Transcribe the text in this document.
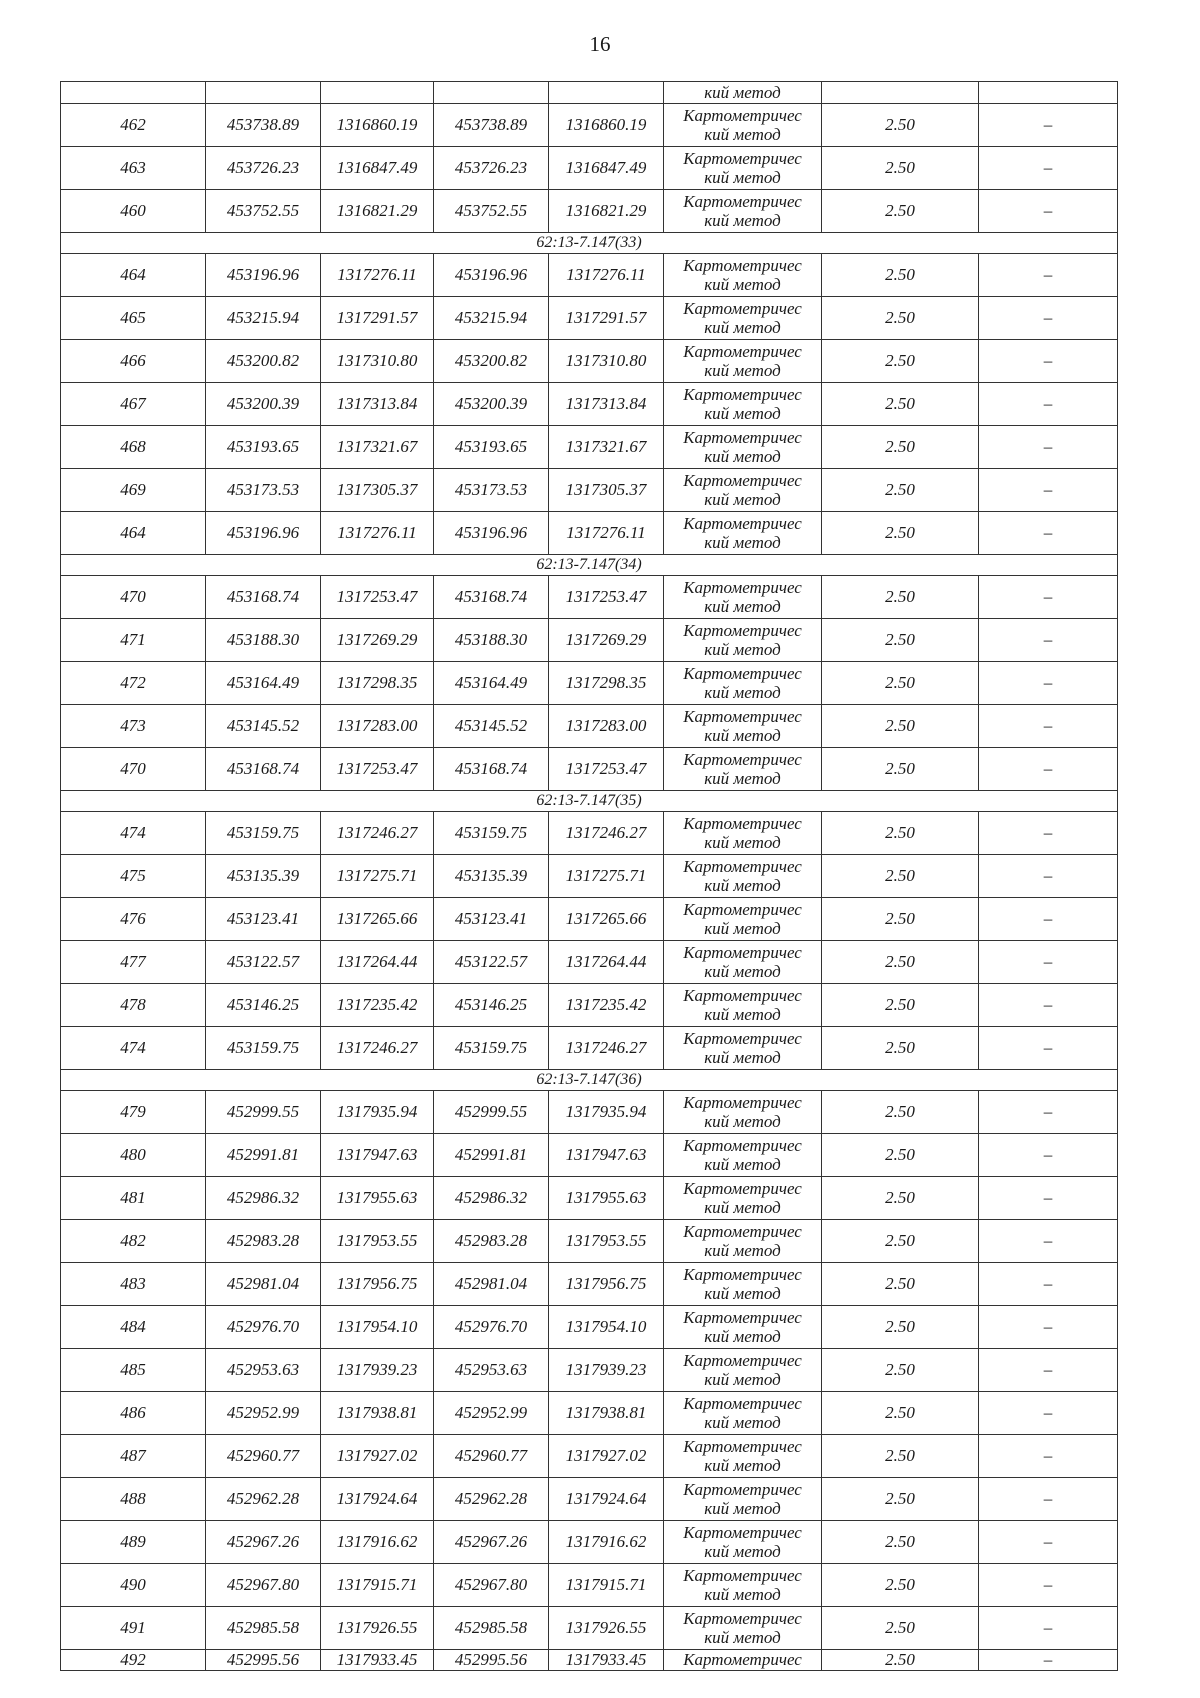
16
					кий метод		
462	453738.89	1316860.19	453738.89	1316860.19	Картометричес
кий метод	2.50	–
463	453726.23	1316847.49	453726.23	1316847.49	Картометричес
кий метод	2.50	–
460	453752.55	1316821.29	453752.55	1316821.29	Картометричес
кий метод	2.50	–
62:13-7.147(33)							
464	453196.96	1317276.11	453196.96	1317276.11	Картометричес
кий метод	2.50	–
465	453215.94	1317291.57	453215.94	1317291.57	Картометричес
кий метод	2.50	–
466	453200.82	1317310.80	453200.82	1317310.80	Картометричес
кий метод	2.50	–
467	453200.39	1317313.84	453200.39	1317313.84	Картометричес
кий метод	2.50	–
468	453193.65	1317321.67	453193.65	1317321.67	Картометричес
кий метод	2.50	–
469	453173.53	1317305.37	453173.53	1317305.37	Картометричес
кий метод	2.50	–
464	453196.96	1317276.11	453196.96	1317276.11	Картометричес
кий метод	2.50	–
62:13-7.147(34)							
470	453168.74	1317253.47	453168.74	1317253.47	Картометричес
кий метод	2.50	–
471	453188.30	1317269.29	453188.30	1317269.29	Картометричес
кий метод	2.50	–
472	453164.49	1317298.35	453164.49	1317298.35	Картометричес
кий метод	2.50	–
473	453145.52	1317283.00	453145.52	1317283.00	Картометричес
кий метод	2.50	–
470	453168.74	1317253.47	453168.74	1317253.47	Картометричес
кий метод	2.50	–
62:13-7.147(35)							
474	453159.75	1317246.27	453159.75	1317246.27	Картометричес
кий метод	2.50	–
475	453135.39	1317275.71	453135.39	1317275.71	Картометричес
кий метод	2.50	–
476	453123.41	1317265.66	453123.41	1317265.66	Картометричес
кий метод	2.50	–
477	453122.57	1317264.44	453122.57	1317264.44	Картометричес
кий метод	2.50	–
478	453146.25	1317235.42	453146.25	1317235.42	Картометричес
кий метод	2.50	–
474	453159.75	1317246.27	453159.75	1317246.27	Картометричес
кий метод	2.50	–
62:13-7.147(36)							
479	452999.55	1317935.94	452999.55	1317935.94	Картометричес
кий метод	2.50	–
480	452991.81	1317947.63	452991.81	1317947.63	Картометричес
кий метод	2.50	–
481	452986.32	1317955.63	452986.32	1317955.63	Картометричес
кий метод	2.50	–
482	452983.28	1317953.55	452983.28	1317953.55	Картометричес
кий метод	2.50	–
483	452981.04	1317956.75	452981.04	1317956.75	Картометричес
кий метод	2.50	–
484	452976.70	1317954.10	452976.70	1317954.10	Картометричес
кий метод	2.50	–
485	452953.63	1317939.23	452953.63	1317939.23	Картометричес
кий метод	2.50	–
486	452952.99	1317938.81	452952.99	1317938.81	Картометричес
кий метод	2.50	–
487	452960.77	1317927.02	452960.77	1317927.02	Картометричес
кий метод	2.50	–
488	452962.28	1317924.64	452962.28	1317924.64	Картометричес
кий метод	2.50	–
489	452967.26	1317916.62	452967.26	1317916.62	Картометричес
кий метод	2.50	–
490	452967.80	1317915.71	452967.80	1317915.71	Картометричес
кий метод	2.50	–
491	452985.58	1317926.55	452985.58	1317926.55	Картометричес
кий метод	2.50	–
492	452995.56	1317933.45	452995.56	1317933.45	Картометричес	2.50	–
